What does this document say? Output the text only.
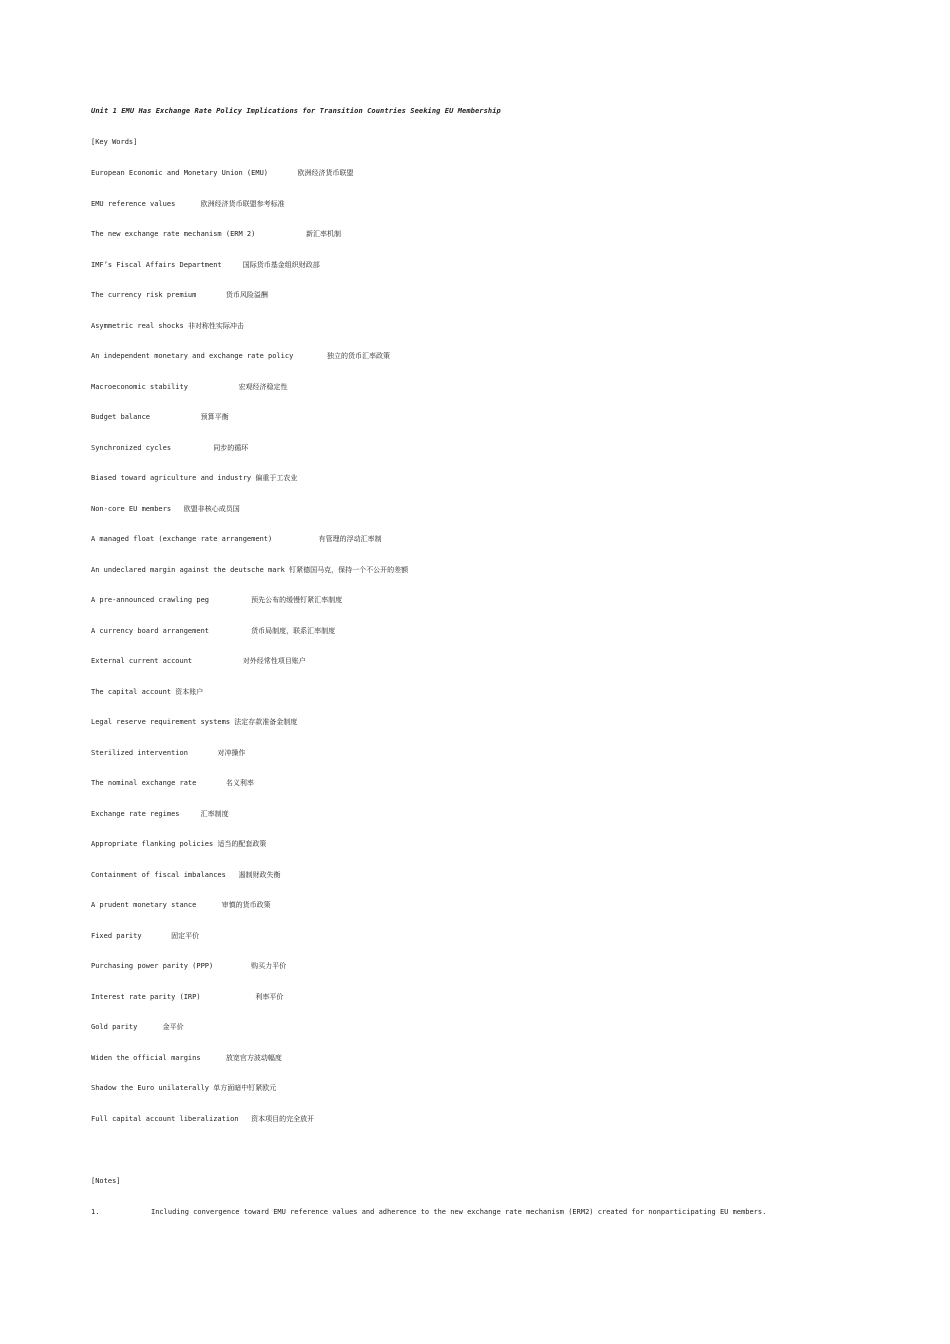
Unit 1 EMU Has Exchange Rate Policy Implications for Transition Countries Seeking EU Membership
[Key Words]
European Economic and Monetary Union (EMU)	欧洲经济货币联盟
EMU reference values	欧洲经济货币联盟参考标准
The new exchange rate mechanism (ERM 2)	新汇率机制
IMF’s Fiscal Affairs Department	国际货币基金组织财政部
The currency risk premium	货币风险溢酬
Asymmetric real shocks 非对称性实际冲击
An independent monetary and exchange rate policy	独立的货币汇率政策
Macroeconomic stability	宏观经济稳定性
Budget balance	预算平衡
Synchronized cycles	同步的循环
Biased toward agriculture and industry 偏重于工农业
Non-core EU members 欧盟非核心成员国
A managed float (exchange rate arrangement)	有管理的浮动汇率制
An undeclared margin against the deutsche mark 钉紧德国马克，保持一个不公开的差额
A pre-announced crawling peg	预先公布的缓慢钉紧汇率制度
A currency board arrangement	货币局制度，联系汇率制度
External current account	对外经常性项目账户
The capital account 资本账户
Legal reserve requirement systems 法定存款准备金制度
Sterilized intervention	对冲操作
The nominal exchange rate	名义利率
Exchange rate regimes	汇率制度
Appropriate flanking policies 适当的配套政策
Containment of fiscal imbalances 遏制财政失衡
A prudent monetary stance	审慎的货币政策
Fixed parity	固定平价
Purchasing power parity (PPP)	购买力平价
Interest rate parity (IRP)	利率平价
Gold parity	金平价
Widen the official margins	放宽官方波动幅度
Shadow the Euro unilaterally 单方面暗中钉紧欧元
Full capital account liberalization 资本项目的完全放开
[Notes]
1.	Including convergence toward EMU reference values and adherence to the new exchange rate mechanism (ERM2) created for nonparticipating EU members.
